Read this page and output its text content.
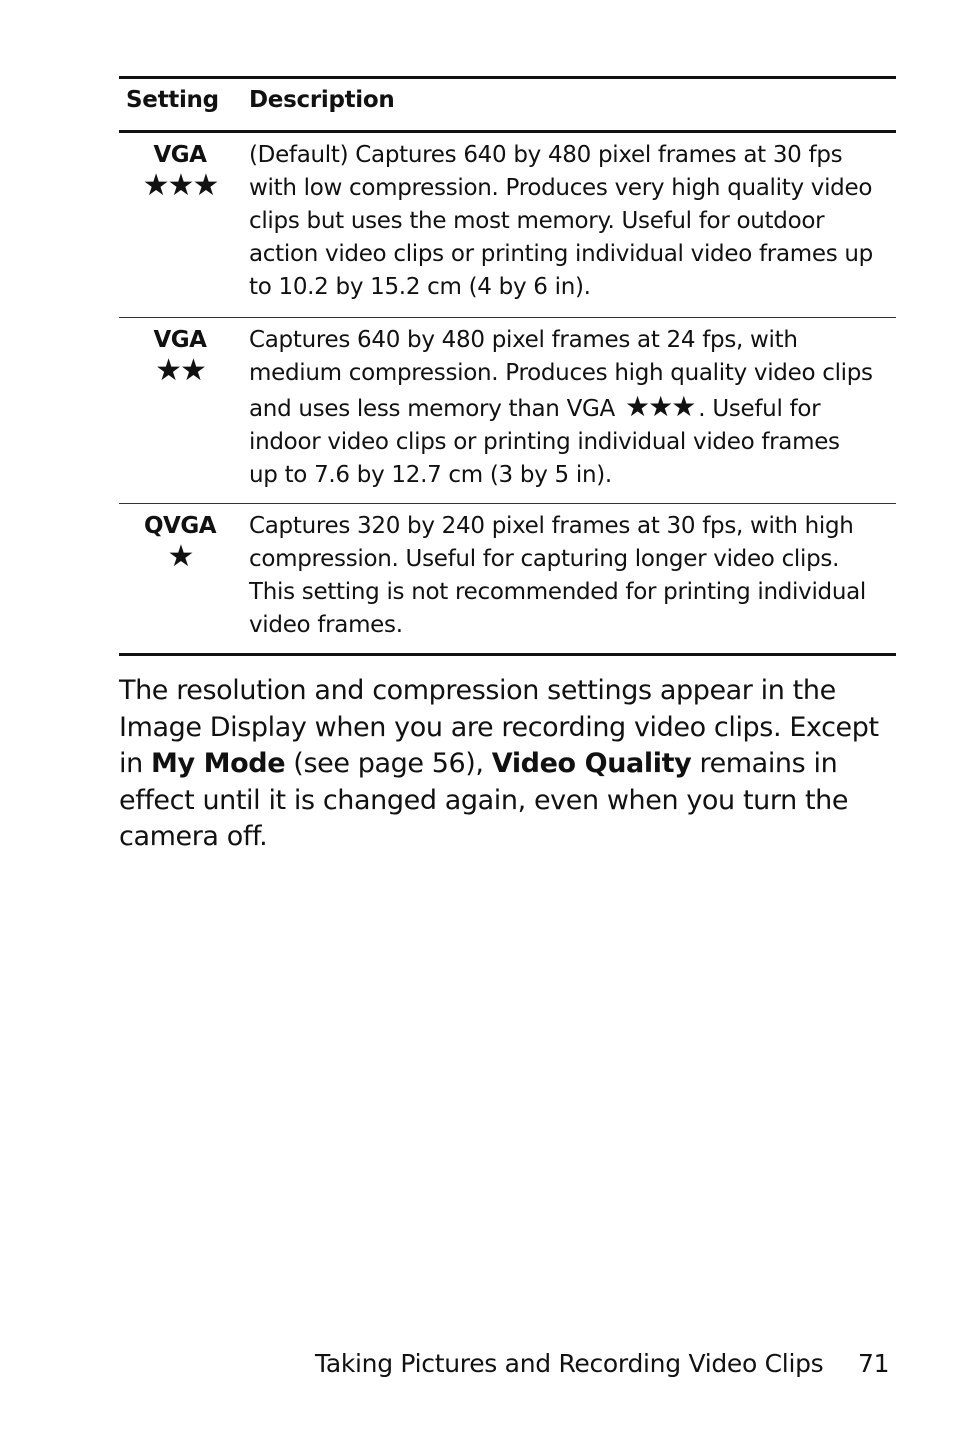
Setting Description
VGA
★★★
(Default) Captures 640 by 480 pixel frames at 30 fps
with low compression. Produces very high quality video
clips but uses the most memory. Useful for outdoor
action video clips or printing individual video frames up
to 10.2 by 15.2 cm (4 by 6 in).
VGA
★★
Captures 640 by 480 pixel frames at 24 fps, with
medium compression. Produces high quality video clips
and uses less memory than VGA ★★★ . Useful for
indoor video clips or printing individual video frames
up to 7.6 by 12.7 cm (3 by 5 in).
QVGA
★
Captures 320 by 240 pixel frames at 30 fps, with high
compression. Useful for capturing longer video clips.
This setting is not recommended for printing individual
video frames.

The resolution and compression settings appear in the Image Display when you are recording video clips. Except in My Mode (see page 56), Video Quality remains in effect until it is changed again, even when you turn the camera off.

Taking Pictures and Recording Video Clips 71
